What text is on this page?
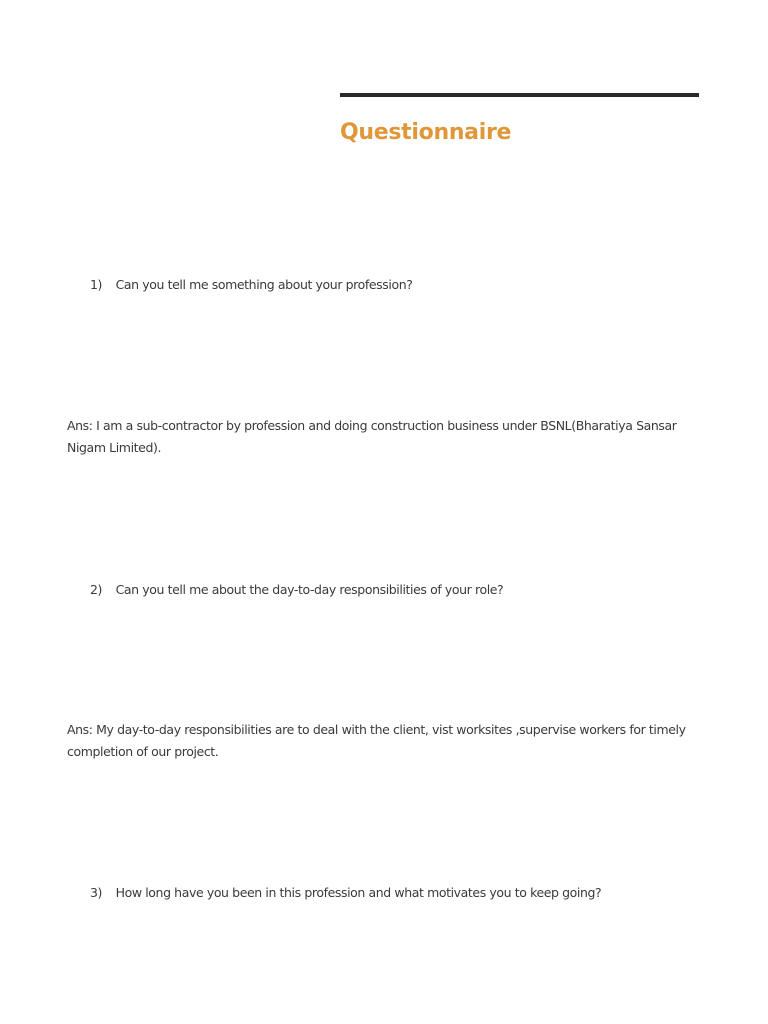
Questionnaire
1) Can you tell me something about your profession?
Ans: I am a sub-contractor by profession and doing construction business under BSNL(Bharatiya Sansar Nigam Limited).
2) Can you tell me about the day-to-day responsibilities of your role?
Ans: My day-to-day responsibilities are to deal with the client, vist worksites ,supervise workers for timely completion of our project.
3) How long have you been in this profession and what motivates you to keep going?
